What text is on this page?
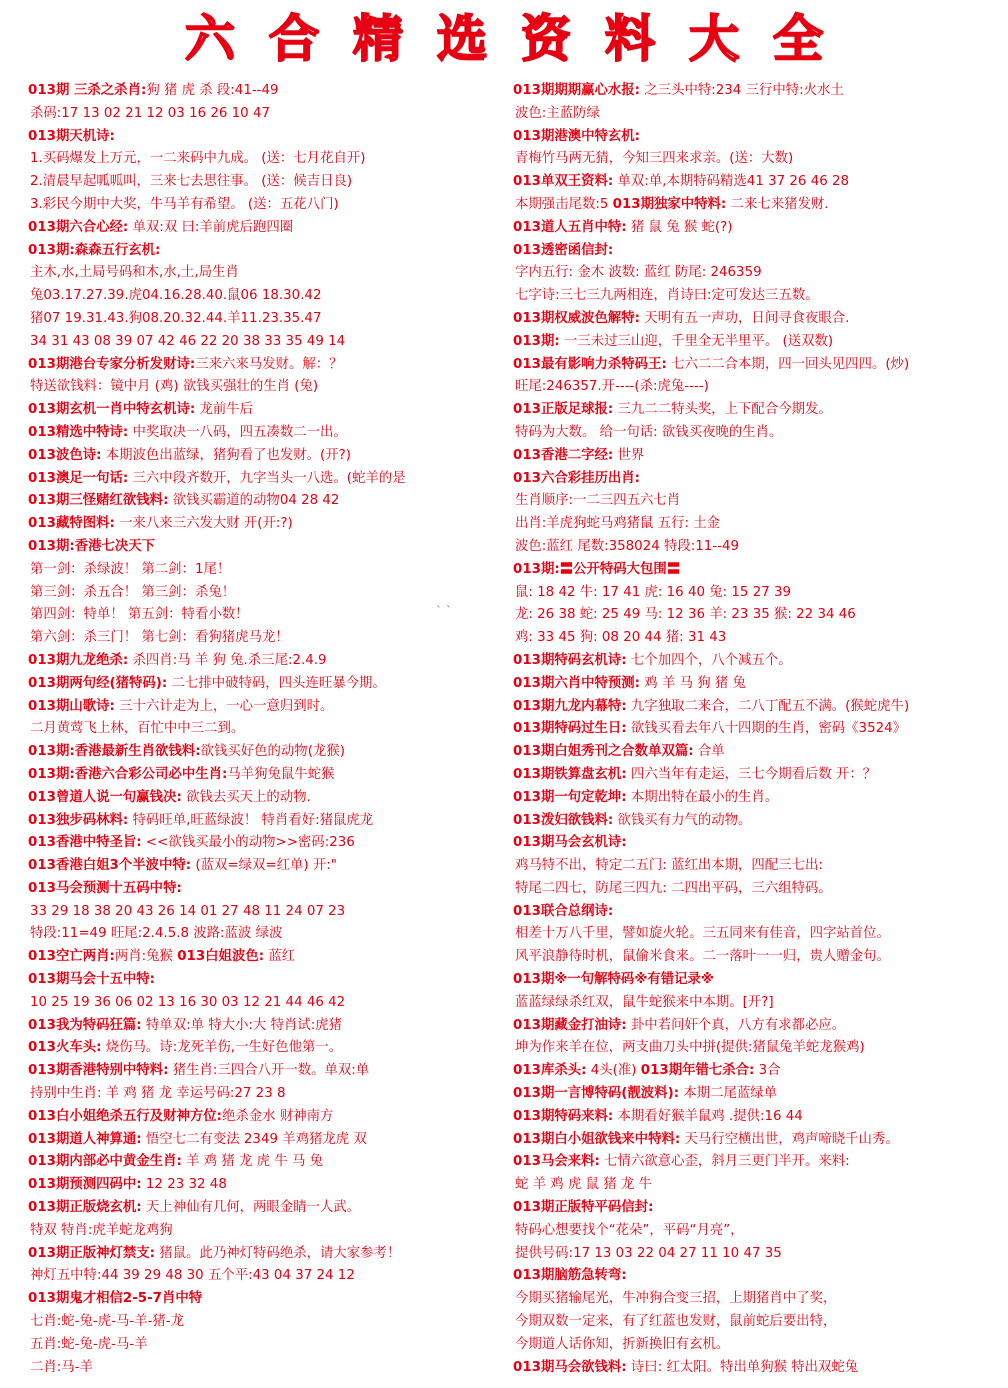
六 合 精 选 资 料 大 全
013期 三杀之杀肖:狗 猪 虎 杀 段:41--49
杀码:17 13 02 21 12 03 16 26 10 47
013期天机诗:
1.买码爆发上万元，一二来码中九成。 (送：七月花自开)
2.清晨早起呱呱叫，三来七去思往事。 (送：候吉日良)
3.彩民今期中大奖，牛马羊有希望。 (送：五花八门)
013期六合心经: 单双:双 曰:羊前虎后跑四圈
013期:森森五行玄机:
主木,水,土局号码和木,水,土,局生肖
兔03.17.27.39.虎04.16.28.40.鼠06 18.30.42
猪07 19.31.43.狗08.20.32.44.羊11.23.35.47
34 31 43 08 39 07 42 46 22 20 38 33 35 49 14
013期港台专家分析发财诗:三来六来马发财。解：？
特送欲钱料：镜中月 (鸡) 欲钱买强壮的生肖 (兔)
013期玄机一肖中特玄机诗: 龙前牛后
013精选中特诗: 中奖取决一八码，四五凑数二一出。
013波色诗: 本期波色出蓝绿，猪狗看了也发财。(开?)
013澳足一句话: 三六中段齐数开，九字当头一八选。(蛇羊的是
013期三怪赌红欲钱料: 欲钱买霸道的动物04 28 42
013藏特图料: 一来八来三六发大财 开(开:?)
013期:香港七决天下
第一剑：杀绿波！ 第二剑：1尾！
第三剑：杀五合！ 第三剑：杀兔！
第四剑：特单！ 第五剑：特看小数！
第六剑：杀三门！ 第七剑：看狗猪虎马龙！
013期九龙绝杀: 杀四肖:马 羊 狗 兔.杀三尾:2.4.9
013期两句经(猪特码): 二七排中破特码，四头连旺暴今期。
013期山歌诗: 三十六计走为上，一心一意归到时。
二月黄莺飞上林，百忙中中三二到。
013期:香港最新生肖欲钱料:欲钱买好色的动物(龙猴)
013期:香港六合彩公司必中生肖:马羊狗兔鼠牛蛇猴
013曾道人说一句赢钱决: 欲钱去买天上的动物.
013独步码林料: 特码旺单,旺蓝绿波！ 特肖看好:猪鼠虎龙
013香港中特圣旨: <<欲钱买最小的动物>>密码:236
013香港白姐3个半波中特: (蓝双=绿双=红单) 开:"
013马会预测十五码中特:
33 29 18 38 20 43 26 14 01 27 48 11 24 07 23
特段:11=49 旺尾:2.4.5.8 波路:蓝波 绿波
013空亡两肖:两肖:兔猴 013白姐波色: 蓝红
013期马会十五中特:
10 25 19 36 06 02 13 16 30 03 12 21 44 46 42
013我为特码狂篇: 特单双:单 特大小:大 特肖试:虎猪
013火车头: 烧伤马。诗:龙死羊伤,一生好色他第一。
013期香港特别中特料: 猪生肖:三四合八开一数。单双:单
持别中生肖: 羊 鸡 猪 龙 幸运号码:27 23 8
013白小姐绝杀五行及财神方位:绝杀金水 财神南方
013期道人神算通: 悟空七二有变法 2349 羊鸡猪龙虎 双
013期内部必中黄金生肖: 羊 鸡 猪 龙 虎 牛 马 兔
013期预测四码中: 12 23 32 48
013期正版烧玄机: 天上神仙有几何，两眼金睛一人武。
特双 特肖:虎羊蛇龙鸡狗
013期正版神灯禁支: 猪鼠。此乃神灯特码绝杀，请大家参考！
神灯五中特:44 39 29 48 30 五个平:43 04 37 24 12
013期鬼才相信2-5-7肖中特
七肖:蛇-兔-虎-马-羊-猪-龙
五肖:蛇-兔-虎-马-羊
二肖:马-羊
013期期期赢心水报: 之三头中特:234 三行中特:火水土
波色:主蓝防绿
013期港澳中特玄机:
青梅竹马两无猜，今知三四来求亲。(送：大数)
013单双王资料: 单双:单,本期特码精选41 37 26 46 28
本期强击尾数:5 013期独家中特料: 二来七来猪发财.
013道人五肖中特: 猪 鼠 兔 猴 蛇(?)
013透密函信封:
字内五行: 金木 波数: 蓝红 防尾: 246359
七字诗:三七三九两相连，肖诗曰:定可发达三五数。
013期权威波色解特: 天明有五一声功，日间寻食夜眼合.
013期: 一三未过三山迎，千里全无半里平。 (送双数)
013最有影响力杀特码王: 七六二二合本期，四一回头见四四。(炒)
旺尾:246357.开----(杀:虎兔----)
013正版足球报: 三九二二特头奖，上下配合今期发。
特码为大数。 给一句话: 欲钱买夜晚的生肖。
013香港二字经: 世界
013六合彩挂历出肖:
生肖顺序:一二三四五六七肖
出肖:羊虎狗蛇马鸡猪鼠 五行: 土金
波色:蓝红 尾数:358024 特段:11--49
013期:〓公开特码大包围〓
鼠: 18 42 牛: 17 41 虎: 16 40 兔: 15 27 39
龙: 26 38 蛇: 25 49 马: 12 36 羊: 23 35 猴: 22 34 46
鸡: 33 45 狗: 08 20 44 猪: 31 43
013期特码玄机诗: 七个加四个，八个减五个。
013期六肖中特预测: 鸡 羊 马 狗 猪 兔
013期九龙内幕特: 九字独取二来合，二八丁配五不满。(猴蛇虎牛)
013期特码过生日: 欲钱买看去年八十四期的生肖，密码《3524》
013期白姐秀刊之合数单双篇: 合单
013期铁算盘玄机: 四六当年有走运，三七今期看后数 开：？
013期一句定乾坤: 本期出特在最小的生肖。
013泼妇欲钱料: 欲钱买有力气的动物。
013期马会玄机诗:
鸡马特不出，特定二五门: 蓝红出本期，四配三七出:
特尾二四七，防尾三四九: 二四出平码，三六组特码。
013联合总纲诗:
相差十万八千里，譬如旋火轮。三五同来有佳音，四字站首位。
风平浪静待时机，鼠偷米食来。二一落叶一一归，贵人赠金句。
013期※一句解特码※有错记录※
蓝蓝绿绿杀红双，鼠牛蛇猴来中本期。[开?]
013期藏金打油诗: 卦中若问奸个真，八方有求都必应。
坤为作来羊在位，两支曲刀头中拼(提供:猪鼠兔羊蛇龙猴鸡)
013库杀头: 4头(准) 013期年错七杀合: 3合
013期一言博特码(靓波料): 本期二尾蓝绿单
013期特码来料: 本期看好猴羊鼠鸡 .提供:16 44
013期白小姐欲钱来中特料: 天马行空横出世，鸡声啼晓千山秀。
013马会来料: 七情六欲意心歪，斜月三更门半开。来料:
蛇 羊 鸡 虎 鼠 猪 龙 牛
013期正版特平码信封:
特码心想要找个“花朵”，平码“月亮”，
提供号码:17 13 03 22 04 27 11 10 47 35
013期脑筋急转弯:
今期买猪输尾光，牛冲狗合变三招，上期猪肖中了奖，
今期双数一定来，有了红蓝也发财，鼠前蛇后要出特，
今期道人话你知，折新换旧有玄机。
013期马会欲钱料: 诗曰: 红太阳。特出单狗猴 特出双蛇兔
` `
